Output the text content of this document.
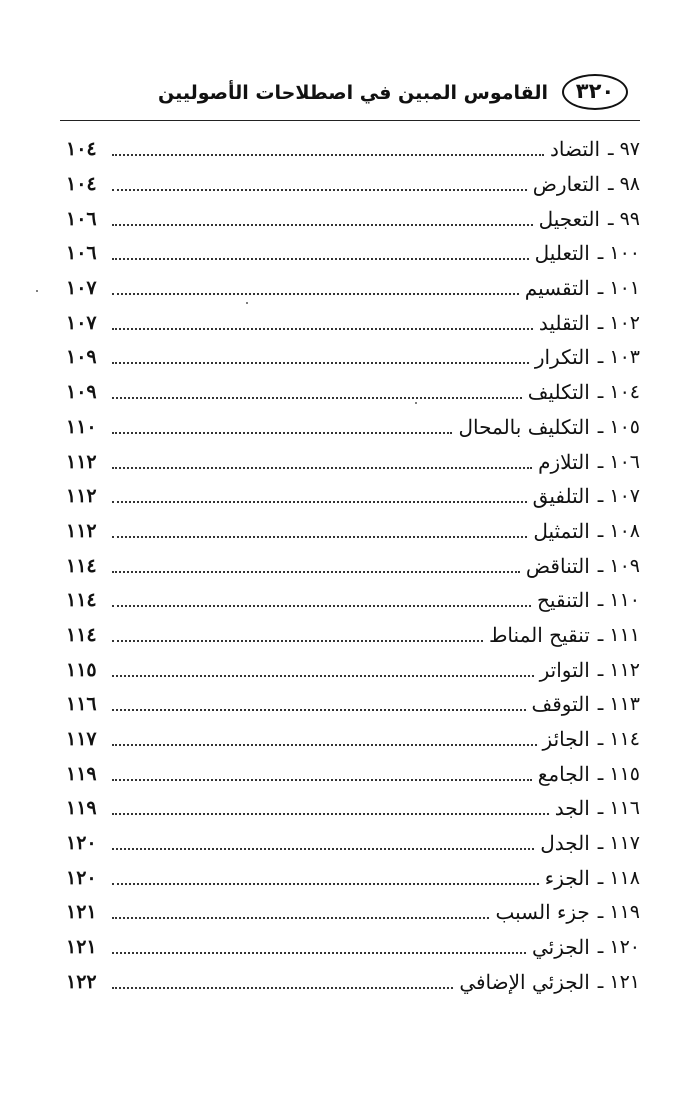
٣٢٠
القاموس المبين في اصطلاحات الأصوليين
٩٧
ـ
التضاد
١٠٤
٩٨
ـ
التعارض
١٠٤
٩٩
ـ
التعجيل
١٠٦
١٠٠
ـ
التعليل
١٠٦
١٠١
ـ
التقسيم
١٠٧
١٠٢
ـ
التقليد
١٠٧
١٠٣
ـ
التكرار
١٠٩
١٠٤
ـ
التكليف
١٠٩
١٠٥
ـ
التكليف بالمحال
١١٠
١٠٦
ـ
التلازم
١١٢
١٠٧
ـ
التلفيق
١١٢
١٠٨
ـ
التمثيل
١١٢
١٠٩
ـ
التناقض
١١٤
١١٠
ـ
التنقيح
١١٤
١١١
ـ
تنقيح المناط
١١٤
١١٢
ـ
التواتر
١١٥
١١٣
ـ
التوقف
١١٦
١١٤
ـ
الجائز
١١٧
١١٥
ـ
الجامع
١١٩
١١٦
ـ
الجد
١١٩
١١٧
ـ
الجدل
١٢٠
١١٨
ـ
الجزء
١٢٠
١١٩
ـ
جزء السبب
١٢١
١٢٠
ـ
الجزئي
١٢١
١٢١
ـ
الجزئي الإضافي
١٢٢
